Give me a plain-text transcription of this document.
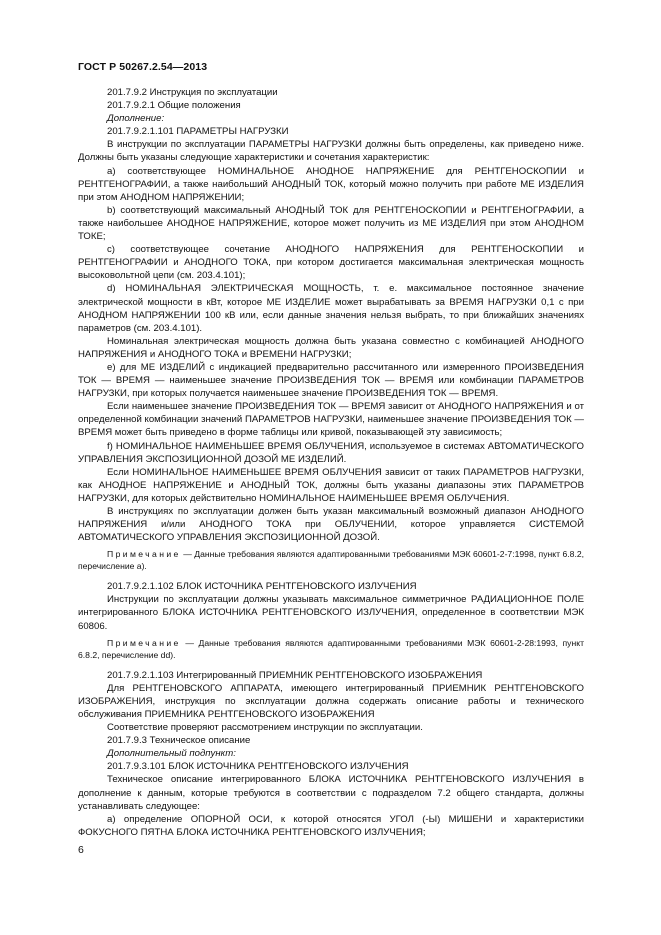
ГОСТ Р 50267.2.54—2013

201.7.9.2 Инструкция по эксплуатации

201.7.9.2.1 Общие положения

Дополнение:

201.7.9.2.1.101 ПАРАМЕТРЫ НАГРУЗКИ

В инструкции по эксплуатации ПАРАМЕТРЫ НАГРУЗКИ должны быть определены, как приведено ниже. Должны быть указаны следующие характеристики и сочетания характеристик:

а) соответствующее НОМИНАЛЬНОЕ АНОДНОЕ НАПРЯЖЕНИЕ для РЕНТГЕНОСКОПИИ и РЕНТГЕНОГРАФИИ, а также наибольший АНОДНЫЙ ТОК, который можно получить при работе МЕ ИЗДЕЛИЯ при этом АНОДНОМ НАПРЯЖЕНИИ;

b) соответствующий максимальный АНОДНЫЙ ТОК для РЕНТГЕНОСКОПИИ и РЕНТГЕНОГРАФИИ, а также наибольшее АНОДНОЕ НАПРЯЖЕНИЕ, которое может получить из МЕ ИЗДЕЛИЯ при этом АНОДНОМ ТОКЕ;

c) соответствующее сочетание АНОДНОГО НАПРЯЖЕНИЯ для РЕНТГЕНОСКОПИИ и РЕНТГЕНОГРАФИИ и АНОДНОГО ТОКА, при котором достигается максимальная электрическая мощность высоковольтной цепи (см. 203.4.101);

d) НОМИНАЛЬНАЯ ЭЛЕКТРИЧЕСКАЯ МОЩНОСТЬ, т. е. максимальное постоянное значение электрической мощности в кВт, которое МЕ ИЗДЕЛИЕ может вырабатывать за ВРЕМЯ НАГРУЗКИ 0,1 с при АНОДНОМ НАПРЯЖЕНИИ 100 кВ или, если данные значения нельзя выбрать, то при ближайших значениях параметров (см. 203.4.101).

Номинальная электрическая мощность должна быть указана совместно с комбинацией АНОДНОГО НАПРЯЖЕНИЯ и АНОДНОГО ТОКА и ВРЕМЕНИ НАГРУЗКИ;

е) для МЕ ИЗДЕЛИЙ с индикацией предварительно рассчитанного или измеренного ПРОИЗВЕДЕНИЯ ТОК — ВРЕМЯ — наименьшее значение ПРОИЗВЕДЕНИЯ ТОК — ВРЕМЯ или комбинации ПАРАМЕТРОВ НАГРУЗКИ, при которых получается наименьшее значение ПРОИЗВЕДЕНИЯ ТОК — ВРЕМЯ.

Если наименьшее значение ПРОИЗВЕДЕНИЯ ТОК — ВРЕМЯ зависит от АНОДНОГО НАПРЯЖЕНИЯ и от определенной комбинации значений ПАРАМЕТРОВ НАГРУЗКИ, наименьшее значение ПРОИЗВЕДЕНИЯ ТОК — ВРЕМЯ может быть приведено в форме таблицы или кривой, показывающей эту зависимость;

f) НОМИНАЛЬНОЕ НАИМЕНЬШЕЕ ВРЕМЯ ОБЛУЧЕНИЯ, используемое в системах АВТОМАТИЧЕСКОГО УПРАВЛЕНИЯ ЭКСПОЗИЦИОННОЙ ДОЗОЙ МЕ ИЗДЕЛИЙ.

Если НОМИНАЛЬНОЕ НАИМЕНЬШЕЕ ВРЕМЯ ОБЛУЧЕНИЯ зависит от таких ПАРАМЕТРОВ НАГРУЗКИ, как АНОДНОЕ НАПРЯЖЕНИЕ и АНОДНЫЙ ТОК, должны быть указаны диапазоны этих ПАРАМЕТРОВ НАГРУЗКИ, для которых действительно НОМИНАЛЬНОЕ НАИМЕНЬШЕЕ ВРЕМЯ ОБЛУЧЕНИЯ.

В инструкциях по эксплуатации должен быть указан максимальный возможный диапазон АНОДНОГО НАПРЯЖЕНИЯ и/или АНОДНОГО ТОКА при ОБЛУЧЕНИИ, которое управляется СИСТЕМОЙ АВТОМАТИЧЕСКОГО УПРАВЛЕНИЯ ЭКСПОЗИЦИОННОЙ ДОЗОЙ.

Примечание — Данные требования являются адаптированными требованиями МЭК 60601-2-7:1998, пункт 6.8.2, перечисление а).

201.7.9.2.1.102 БЛОК ИСТОЧНИКА РЕНТГЕНОВСКОГО ИЗЛУЧЕНИЯ

Инструкции по эксплуатации должны указывать максимальное симметричное РАДИАЦИОННОЕ ПОЛЕ интегрированного БЛОКА ИСТОЧНИКА РЕНТГЕНОВСКОГО ИЗЛУЧЕНИЯ, определенное в соответствии МЭК 60806.

Примечание — Данные требования являются адаптированными требованиями МЭК 60601-2-28:1993, пункт 6.8.2, перечисление dd).

201.7.9.2.1.103 Интегрированный ПРИЕМНИК РЕНТГЕНОВСКОГО ИЗОБРАЖЕНИЯ

Для РЕНТГЕНОВСКОГО АППАРАТА, имеющего интегрированный ПРИЕМНИК РЕНТГЕНОВСКОГО ИЗОБРАЖЕНИЯ, инструкция по эксплуатации должна содержать описание работы и технического обслуживания ПРИЕМНИКА РЕНТГЕНОВСКОГО ИЗОБРАЖЕНИЯ

Соответствие проверяют рассмотрением инструкции по эксплуатации.

201.7.9.3 Техническое описание

Дополнительный подпункт:

201.7.9.3.101 БЛОК ИСТОЧНИКА РЕНТГЕНОВСКОГО ИЗЛУЧЕНИЯ

Техническое описание интегрированного БЛОКА ИСТОЧНИКА РЕНТГЕНОВСКОГО ИЗЛУЧЕНИЯ в дополнение к данным, которые требуются в соответствии с подразделом 7.2 общего стандарта, должны устанавливать следующее:

а) определение ОПОРНОЙ ОСИ, к которой относятся УГОЛ (-Ы) МИШЕНИ и характеристики ФОКУСНОГО ПЯТНА БЛОКА ИСТОЧНИКА РЕНТГЕНОВСКОГО ИЗЛУЧЕНИЯ;

6
